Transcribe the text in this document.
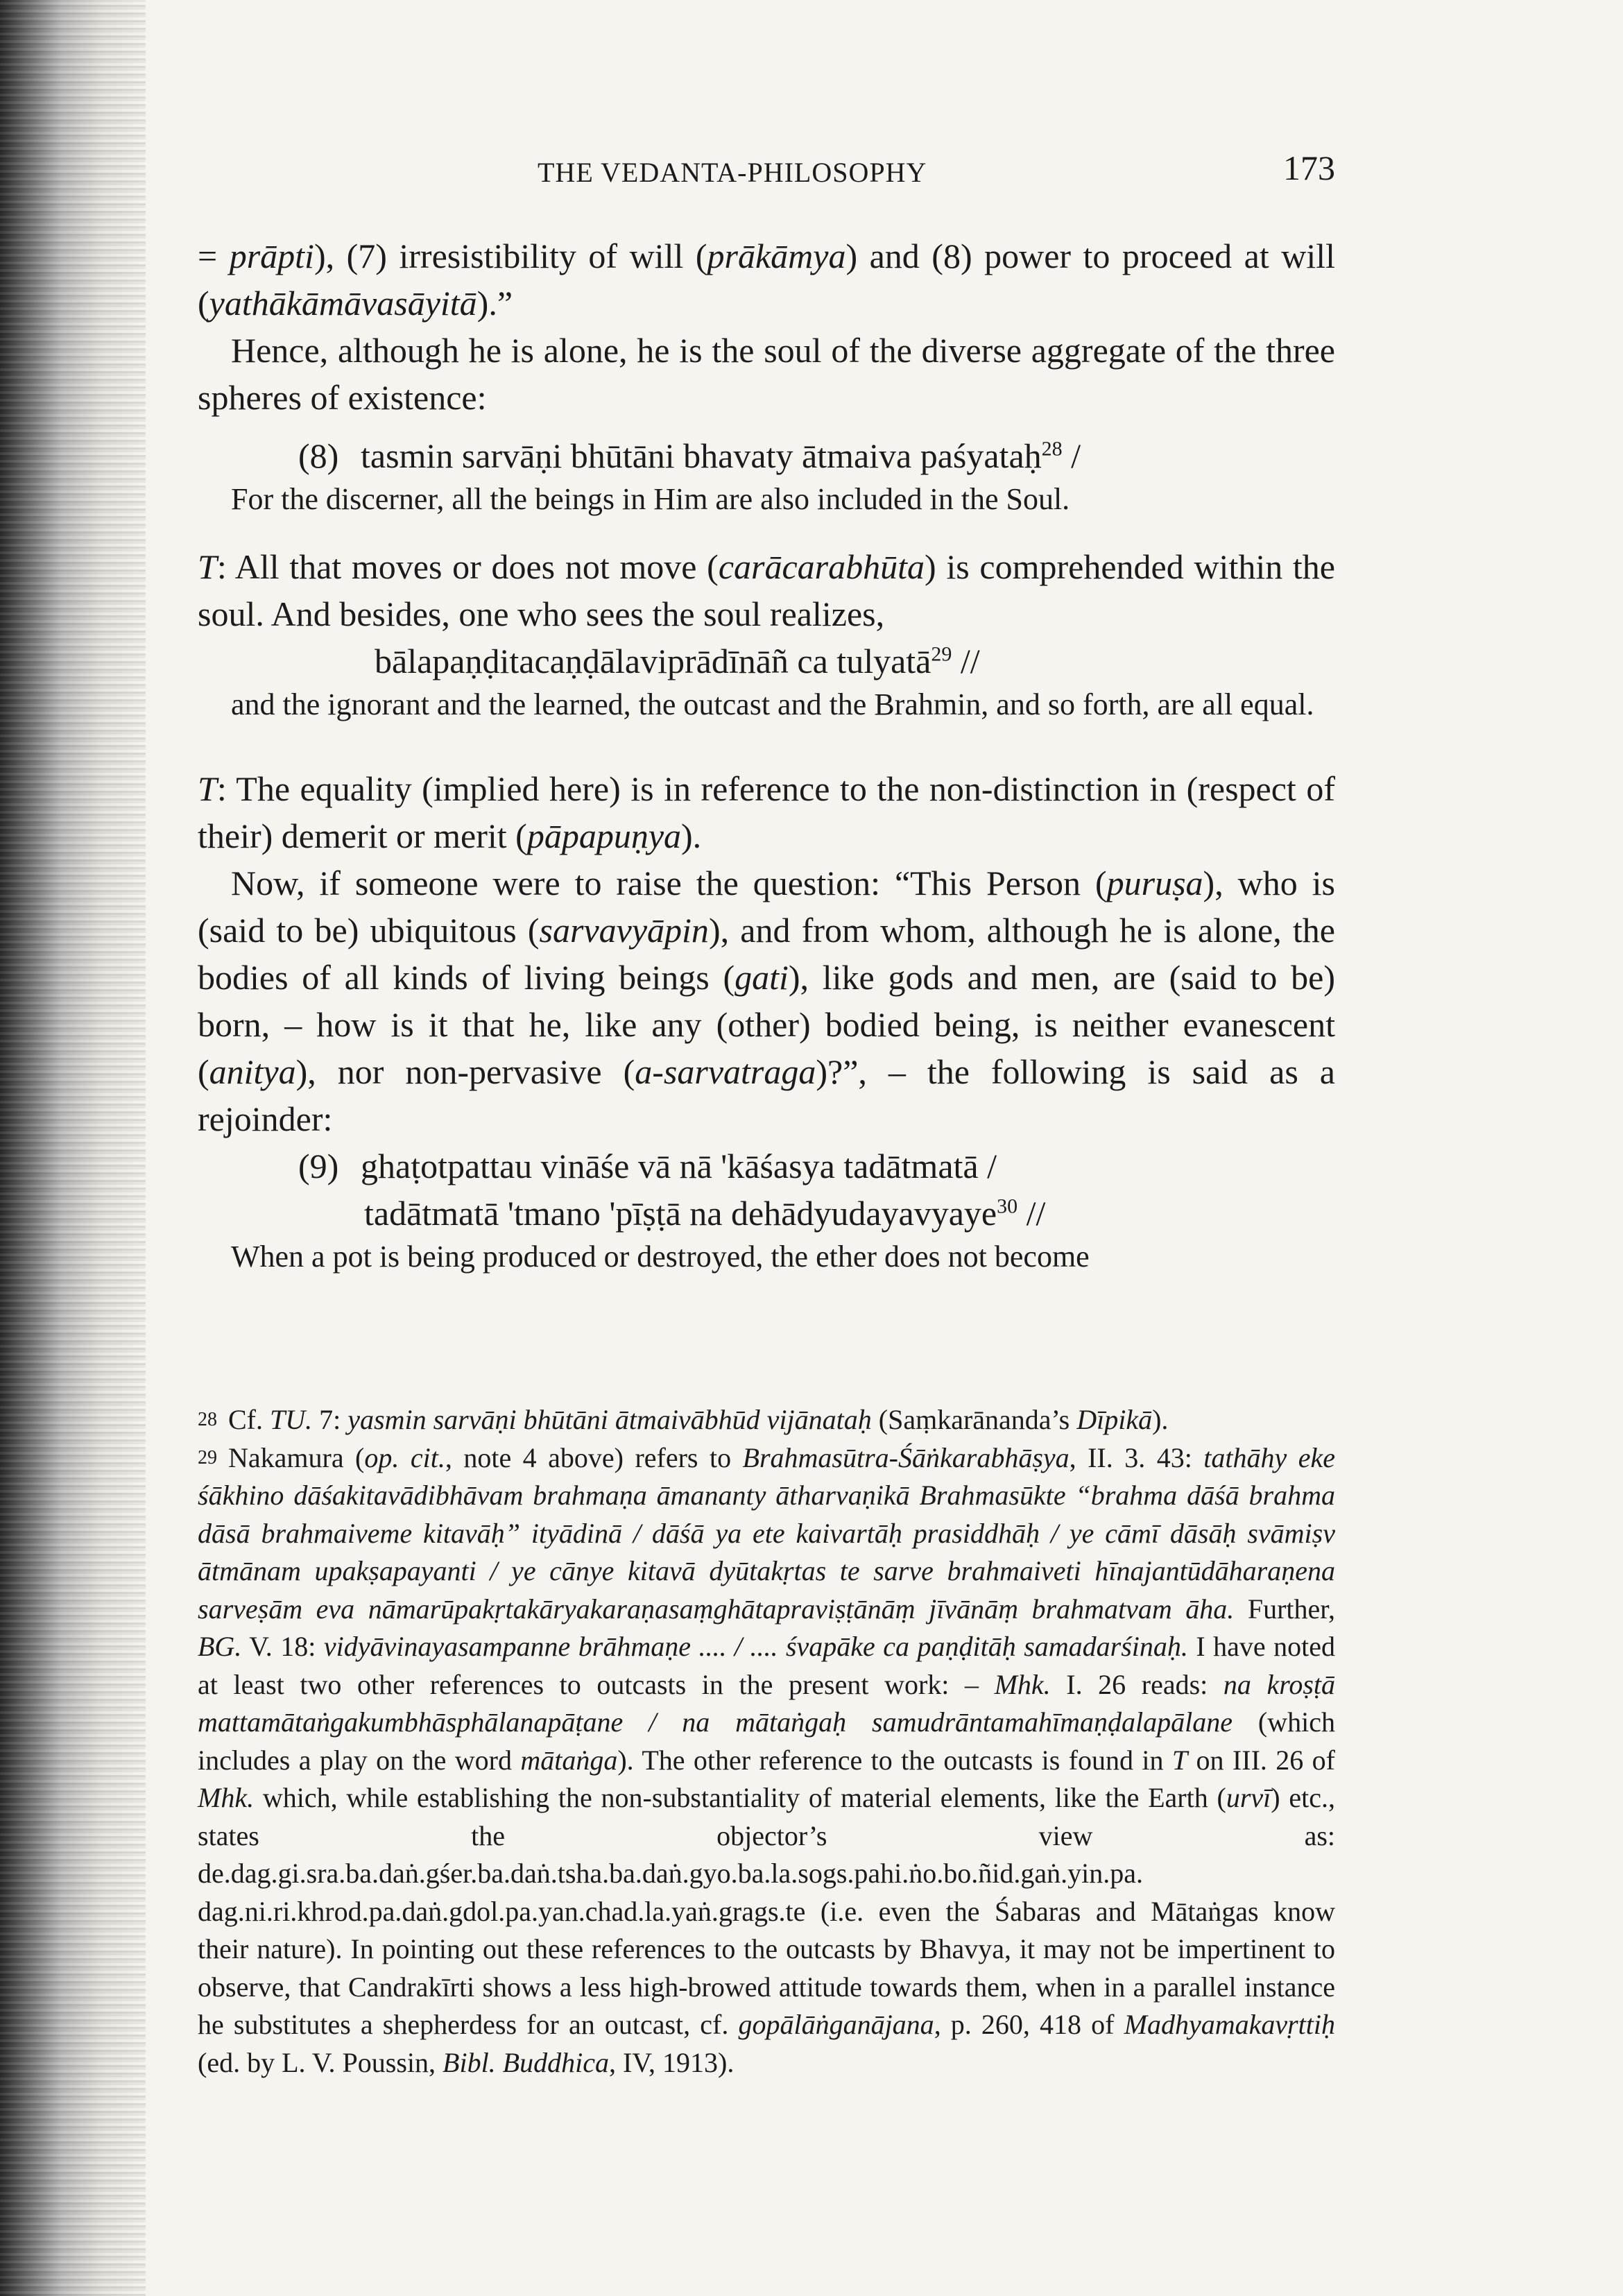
THE VEDANTA-PHILOSOPHY	173

= prāpti), (7) irresistibility of will (prākāmya) and (8) power to proceed at will (yathākāmāvasāyitā).”

Hence, although he is alone, he is the soul of the diverse aggregate of the three spheres of existence:

(8) tasmin sarvāṇi bhūtāni bhavaty ātmaiva paśyataḥ$^{28}$ /

For the discerner, all the beings in Him are also included in the Soul.

T: All that moves or does not move (carācarabhūta) is comprehended within the soul. And besides, one who sees the soul realizes,

bālapaṇḍitacaṇḍālaviprādīnāñ ca tulyatā$^{29}$ //

and the ignorant and the learned, the outcast and the Brahmin, and so forth, are all equal.

T: The equality (implied here) is in reference to the non-distinction in (respect of their) demerit or merit (pāpapuṇya).

Now, if someone were to raise the question: “This Person (puruṣa), who is (said to be) ubiquitous (sarvavyāpin), and from whom, although he is alone, the bodies of all kinds of living beings (gati), like gods and men, are (said to be) born, – how is it that he, like any (other) bodied being, is neither evanescent (anitya), nor non-pervasive (a-sarvatraga)?”, – the following is said as a rejoinder:

(9) ghaṭotpattau vināśe vā nā 'kāśasya tadātmatā /

tadātmatā 'tmano 'pīṣṭā na dehādyudayavyaye$^{30}$ //

When a pot is being produced or destroyed, the ether does not become

28 Cf. TU. 7: yasmin sarvāṇi bhūtāni ātmaivābhūd vijānataḥ (Saṃkarānanda’s Dīpikā).

29 Nakamura (op. cit., note 4 above) refers to Brahmasūtra-Śāṅkarabhāṣya, II. 3. 43: tathāhy eke śākhino dāśakitavādibhāvam brahmaṇa āmananty ātharvaṇikā Brahmasūkte “brahma dāśā brahma dāsā brahmaiveme kitavāḥ” ityādinā / dāśā ya ete kaivartāḥ prasiddhāḥ / ye cāmī dāsāḥ svāmiṣv ātmānam upakṣapayanti / ye cānye kitavā dyūtakṛtas te sarve brahmaiveti hīnajantūdāharaṇena sarveṣām eva nāmarūpakṛtakāryakaraṇasaṃghātapraviṣṭānāṃ jīvānāṃ brahmatvam āha. Further, BG. V. 18: vidyāvinayasampanne brāhmaṇe .... / .... śvapāke ca paṇḍitāḥ samadarśinaḥ. I have noted at least two other references to outcasts in the present work: – Mhk. I. 26 reads: na kroṣṭā mattamātaṅgakumbhāsphālanapāṭane / na mātaṅgaḥ samudrāntamahīmaṇḍalapālane (which includes a play on the word mātaṅga). The other reference to the outcasts is found in T on III. 26 of Mhk. which, while establishing the non-substantiality of material elements, like the Earth (urvī) etc., states the objector’s view as: de.dag.gi.sra.ba.daṅ.gśer.ba.daṅ.tsha.ba.daṅ.gyo.ba.la.sogs.pahi.ṅo.bo.ñid.gaṅ.yin.pa. dag.ni.ri.khrod.pa.daṅ.gdol.pa.yan.chad.la.yaṅ.grags.te (i.e. even the Śabaras and Mātaṅgas know their nature). In pointing out these references to the outcasts by Bhavya, it may not be impertinent to observe, that Candrakīrti shows a less high-browed attitude towards them, when in a parallel instance he substitutes a shepherdess for an outcast, cf. gopālāṅganājana, p. 260, 418 of Madhyamakavṛttiḥ (ed. by L. V. Poussin, Bibl. Buddhica, IV, 1913).
